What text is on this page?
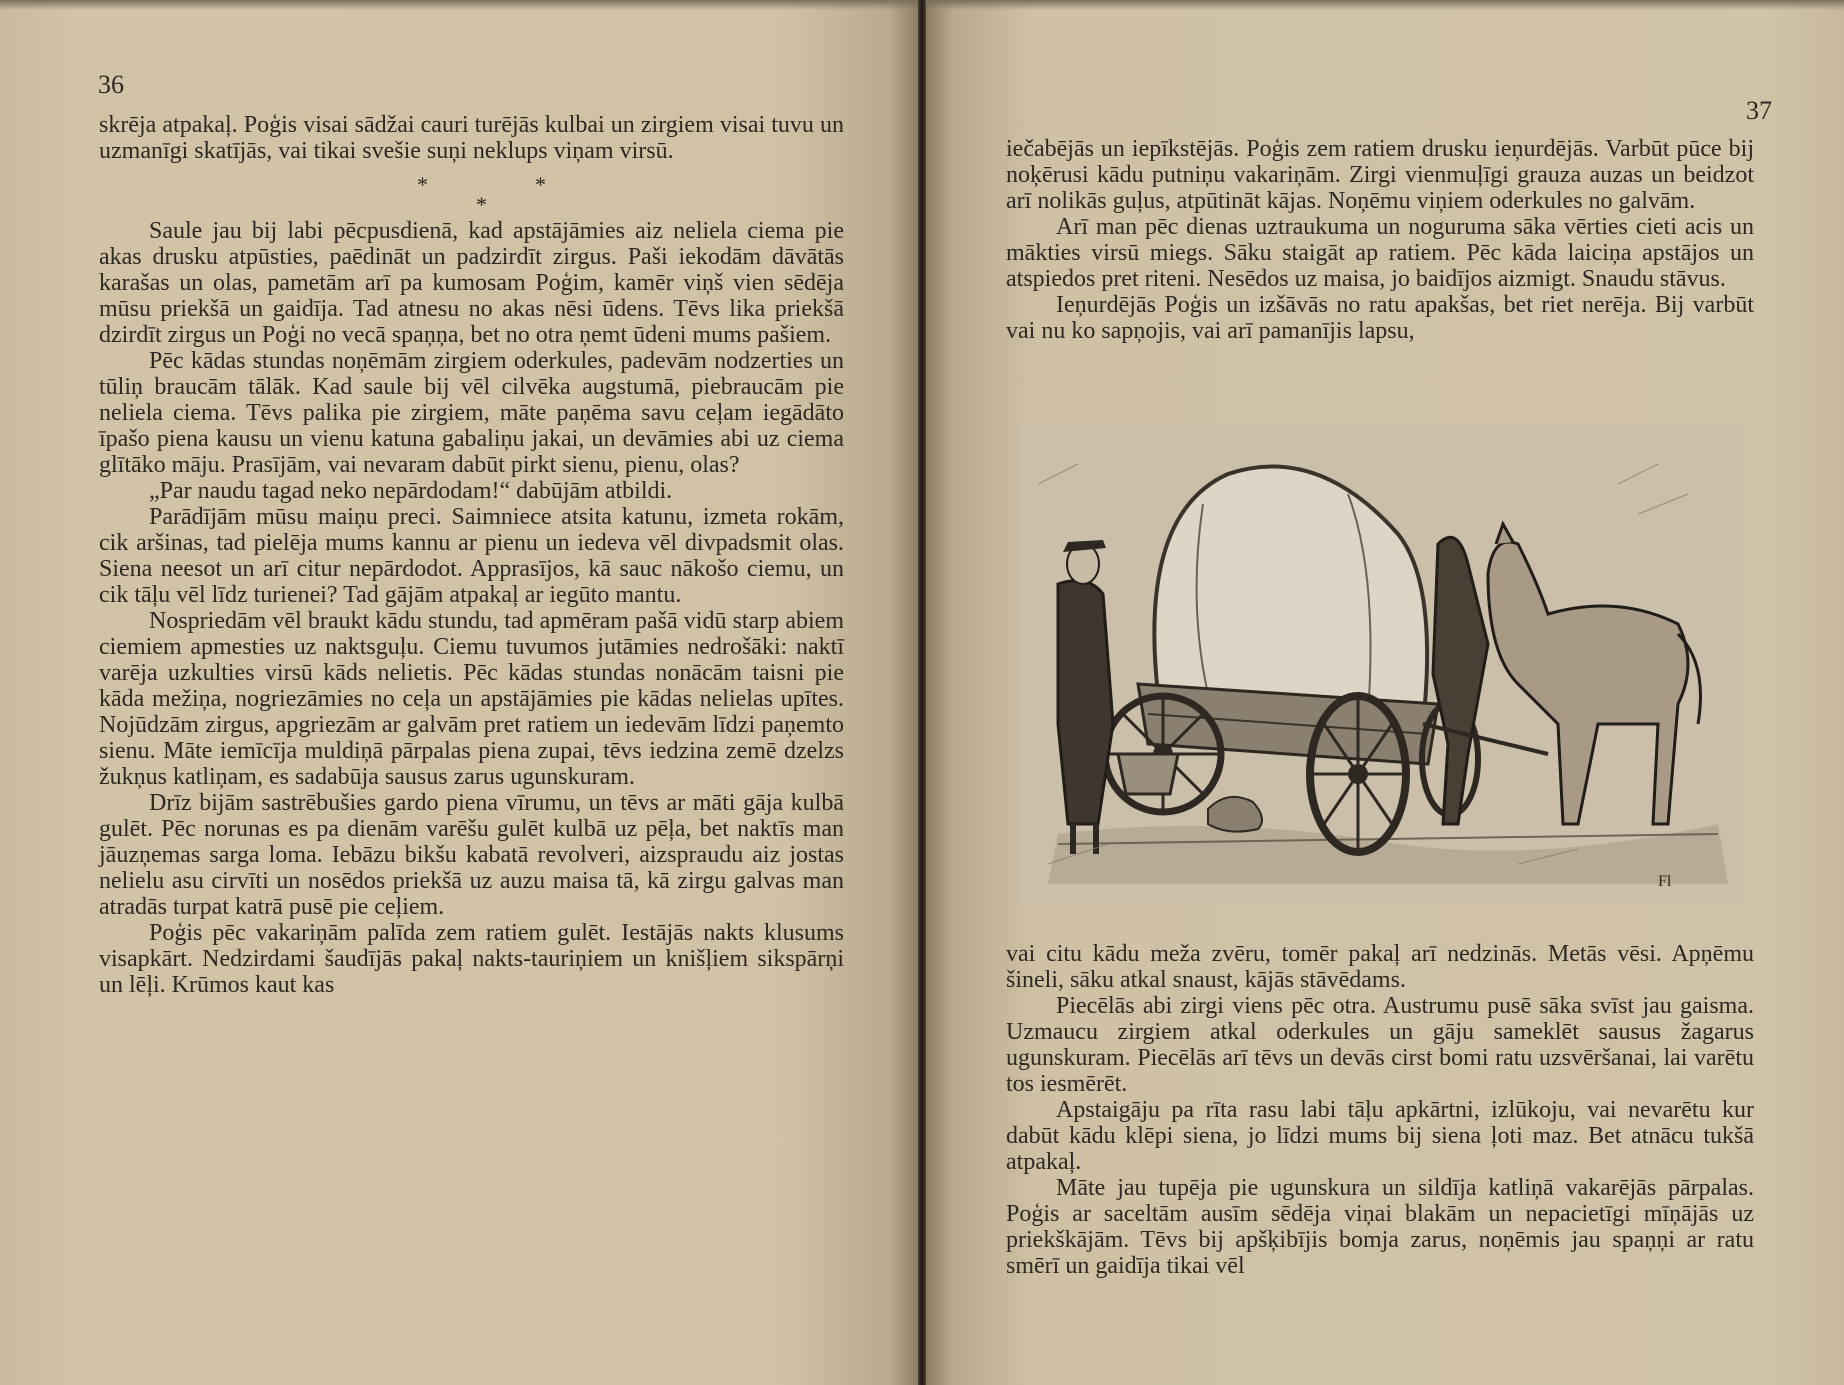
36

skrēja atpakaļ. Poģis visai sādžai cauri turējās kulbai un zirgiem visai tuvu un uzmanīgi skatījās, vai tikai svešie suņi neklups viņam virsū.

*	*
*

Saule jau bij labi pēcpusdienā, kad apstājāmies aiz neliela ciema pie akas drusku atpūsties, paēdināt un padzirdīt zirgus. Paši iekodām dāvātās karašas un olas, pametām arī pa kumosam Poģim, kamēr viņš vien sēdēja mūsu priekšā un gaidīja. Tad atnesu no akas nēsi ūdens. Tēvs lika priekšā dzirdīt zirgus un Poģi no vecā spaņņa, bet no otra ņemt ūdeni mums pašiem.

Pēc kādas stundas noņēmām zirgiem oderkules, padevām nodzerties un tūliņ braucām tālāk. Kad saule bij vēl cilvēka augstumā, piebraucām pie neliela ciema. Tēvs palika pie zirgiem, māte paņēma savu ceļam iegādāto īpašo piena kausu un vienu katuna gabaliņu jakai, un devāmies abi uz ciema glītāko māju. Prasījām, vai nevaram dabūt pirkt sienu, pienu, olas?

„Par naudu tagad neko nepārdodam!“ dabūjām atbildi.

Parādījām mūsu maiņu preci. Saimniece atsita katunu, izmeta rokām, cik aršinas, tad pielēja mums kannu ar pienu un iedeva vēl divpadsmit olas. Siena neesot un arī citur nepārdodot. Apprasījos, kā sauc nākošo ciemu, un cik tāļu vēl līdz turienei? Tad gājām atpakaļ ar iegūto mantu.

Nospriedām vēl braukt kādu stundu, tad apmēram pašā vidū starp abiem ciemiem apmesties uz naktsguļu. Ciemu tuvumos jutāmies nedrošāki: naktī varēja uzkulties virsū kāds nelietis. Pēc kādas stundas nonācām taisni pie kāda mežiņa, nogriezāmies no ceļa un apstājāmies pie kādas nelielas upītes. Nojūdzām zirgus, apgriezām ar galvām pret ratiem un iedevām līdzi paņemto sienu. Māte iemīcīja muldiņā pārpalas piena zupai, tēvs iedzina zemē dzelzs žukņus katliņam, es sadabūja sausus zarus ugunskuram.

Drīz bijām sastrēbušies gardo piena vīrumu, un tēvs ar māti gāja kulbā gulēt. Pēc norunas es pa dienām varēšu gulēt kulbā uz pēļa, bet naktīs man jāuzņemas sarga loma. Iebāzu bikšu kabatā revolveri, aizspraudu aiz jostas nelielu asu cirvīti un nosēdos priekšā uz auzu maisa tā, kā zirgu galvas man atradās turpat katrā pusē pie ceļiem.

Poģis pēc vakariņām palīda zem ratiem gulēt. Iestājās nakts klusums visapkārt. Nedzirdami šaudījās pakaļ nakts-tauriņiem un knišļiem sikspārņi un lēļi. Krūmos kaut kas

37

iečabējās un iepīkstējās. Poģis zem ratiem drusku ieņurdējās. Varbūt pūce bij noķērusi kādu putniņu vakariņām. Zirgi vienmuļīgi grauza auzas un beidzot arī nolikās guļus, atpūtināt kājas. Noņēmu viņiem oderkules no galvām.

Arī man pēc dienas uztraukuma un noguruma sāka vērties cieti acis un mākties virsū miegs. Sāku staigāt ap ratiem. Pēc kāda laiciņa apstājos un atspiedos pret riteni. Nesēdos uz maisa, jo baidījos aizmigt. Snaudu stāvus.

Ieņurdējās Poģis un izšāvās no ratu apakšas, bet riet nerēja. Bij varbūt vai nu ko sapņojis, vai arī pamanījis lapsu,

Fl

vai citu kādu meža zvēru, tomēr pakaļ arī nedzinās. Metās vēsi. Apņēmu šineli, sāku atkal snaust, kājās stāvēdams.

Piecēlās abi zirgi viens pēc otra. Austrumu pusē sāka svīst jau gaisma. Uzmaucu zirgiem atkal oderkules un gāju sameklēt sausus žagarus ugunskuram. Piecēlās arī tēvs un devās cirst bomi ratu uzsvēršanai, lai varētu tos iesmērēt.

Apstaigāju pa rīta rasu labi tāļu apkārtni, izlūkoju, vai nevarētu kur dabūt kādu klēpi siena, jo līdzi mums bij siena ļoti maz. Bet atnācu tukšā atpakaļ.

Māte jau tupēja pie ugunskura un sildīja katliņā vakarējās pārpalas. Poģis ar saceltām ausīm sēdēja viņai blakām un nepacietīgi mīņājās uz priekškājām. Tēvs bij apšķibījis bomja zarus, noņēmis jau spaņņi ar ratu smērī un gaidīja tikai vēl
